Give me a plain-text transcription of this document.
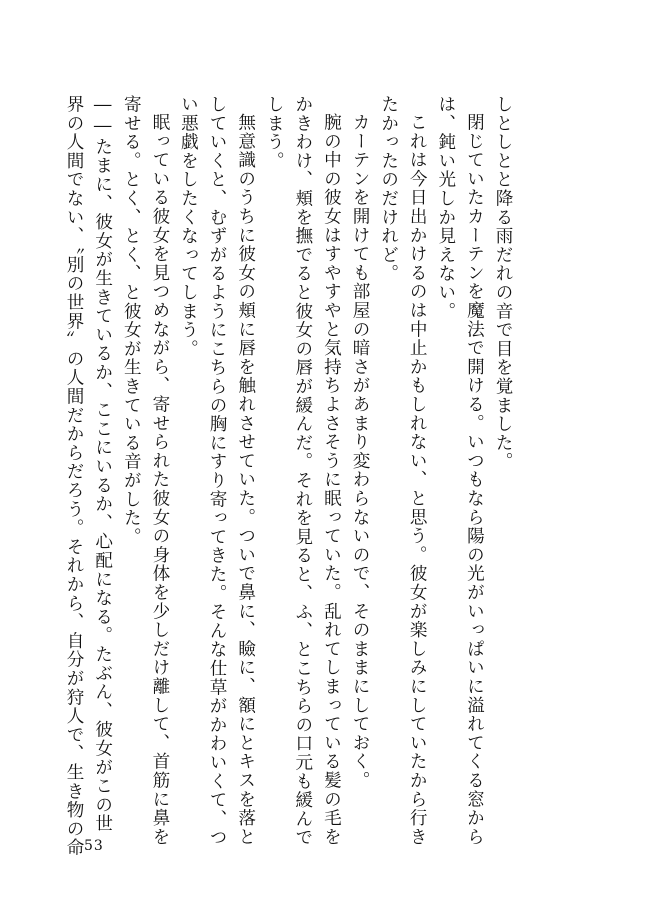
しとしとと降る雨だれの音で目を覚ました。
閉じていたカーテンを魔法で開ける。いつもなら陽の光がいっぱいに溢れてくる窓から
は、鈍い光しか見えない。
これは今日出かけるのは中止かもしれない、と思う。彼女が楽しみにしていたから行き
たかったのだけれど。
カーテンを開けても部屋の暗さがあまり変わらないので、そのままにしておく。
腕の中の彼女はすやすやと気持ちよさそうに眠っていた。乱れてしまっている髪の毛を
かきわけ、頬を撫でると彼女の唇が緩んだ。それを見ると、ふ、とこちらの口元も緩んで
しまう。
無意識のうちに彼女の頬に唇を触れさせていた。ついで鼻に、瞼に、額にとキスを落と
していくと、むずがるようにこちらの胸にすり寄ってきた。そんな仕草がかわいくて、つ
い悪戯をしたくなってしまう。
眠っている彼女を見つめながら、寄せられた彼女の身体を少しだけ離して、首筋に鼻を
寄せる。とく、とく、と彼女が生きている音がした。
――たまに、彼女が生きているか、ここにいるか、心配になる。たぶん、彼女がこの世
界の人間でない、〝別の世界〟の人間だからだろう。それから、自分が狩人で、生き物の命 53
